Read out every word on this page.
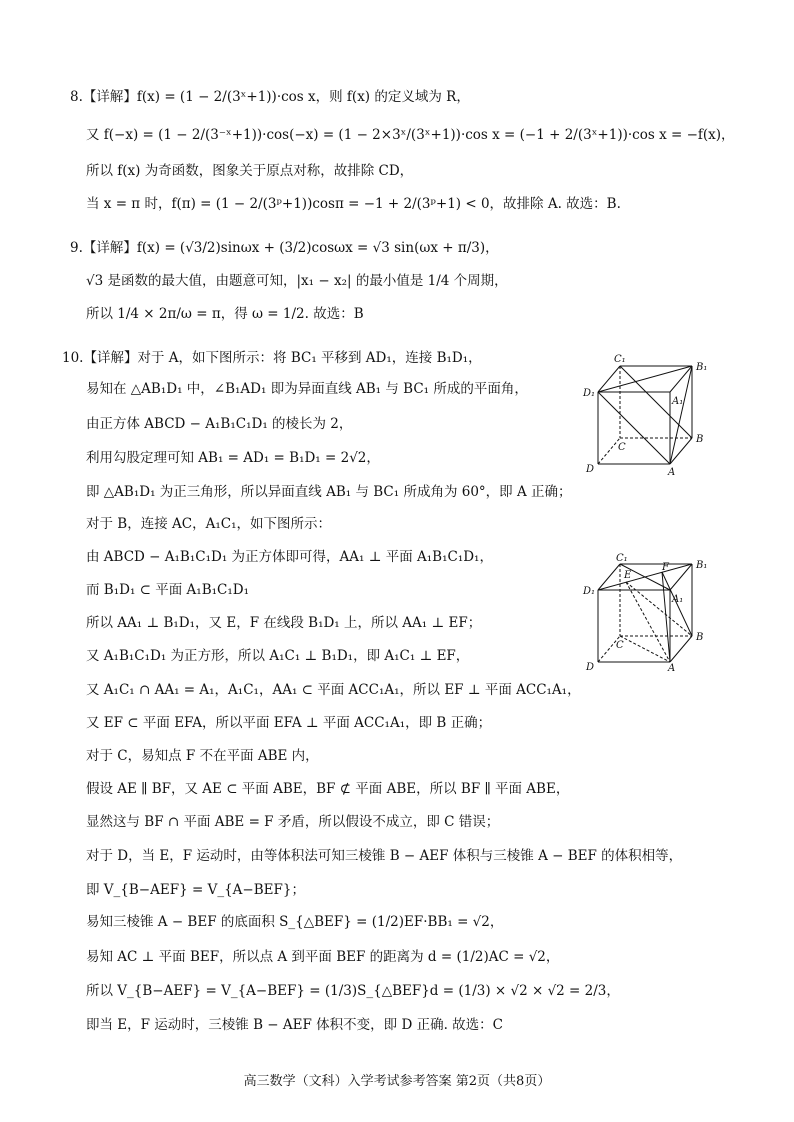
8.【详解】f(x) = (1 − 2/(3ˣ+1))·cos x，则 f(x) 的定义域为 R，
又 f(−x) = (1 − 2/(3⁻ˣ+1))·cos(−x) = (1 − 2×3ˣ/(3ˣ+1))·cos x = (−1 + 2/(3ˣ+1))·cos x = −f(x)，
所以 f(x) 为奇函数，图象关于原点对称，故排除 CD，
当 x = π 时，f(π) = (1 − 2/(3ᵖ+1))cosπ = −1 + 2/(3ᵖ+1) < 0，故排除 A. 故选：B.
9.【详解】f(x) = (√3/2)sinωx + (3/2)cosωx = √3 sin(ωx + π/3)，
√3 是函数的最大值，由题意可知，|x₁ − x₂| 的最小值是 1/4 个周期，
所以 1/4 × 2π/ω = π，得 ω = 1/2. 故选：B
10.【详解】对于 A，如下图所示：将 BC₁ 平移到 AD₁，连接 B₁D₁，
易知在 △AB₁D₁ 中，∠B₁AD₁ 即为异面直线 AB₁ 与 BC₁ 所成的平面角，
由正方体 ABCD − A₁B₁C₁D₁ 的棱长为 2，
利用勾股定理可知 AB₁ = AD₁ = B₁D₁ = 2√2，
即 △AB₁D₁ 为正三角形，所以异面直线 AB₁ 与 BC₁ 所成角为 60°，即 A 正确；
对于 B，连接 AC，A₁C₁，如下图所示：
由 ABCD − A₁B₁C₁D₁ 为正方体即可得，AA₁ ⊥ 平面 A₁B₁C₁D₁，
而 B₁D₁ ⊂ 平面 A₁B₁C₁D₁
所以 AA₁ ⊥ B₁D₁，又 E，F 在线段 B₁D₁ 上，所以 AA₁ ⊥ EF；
又 A₁B₁C₁D₁ 为正方形，所以 A₁C₁ ⊥ B₁D₁，即 A₁C₁ ⊥ EF，
又 A₁C₁ ∩ AA₁ = A₁，A₁C₁，AA₁ ⊂ 平面 ACC₁A₁，所以 EF ⊥ 平面 ACC₁A₁，
又 EF ⊂ 平面 EFA，所以平面 EFA ⊥ 平面 ACC₁A₁，即 B 正确；
对于 C，易知点 F 不在平面 ABE 内，
假设 AE ∥ BF，又 AE ⊂ 平面 ABE，BF ⊄ 平面 ABE，所以 BF ∥ 平面 ABE，
显然这与 BF ∩ 平面 ABE = F 矛盾，所以假设不成立，即 C 错误；
对于 D，当 E，F 运动时，由等体积法可知三棱锥 B − AEF 体积与三棱锥 A − BEF 的体积相等，
即 V_{B−AEF} = V_{A−BEF}；
易知三棱锥 A − BEF 的底面积 S_{△BEF} = (1/2)EF·BB₁ = √2，
易知 AC ⊥ 平面 BEF，所以点 A 到平面 BEF 的距离为 d = (1/2)AC = √2，
所以 V_{B−AEF} = V_{A−BEF} = (1/3)S_{△BEF}d = (1/3) × √2 × √2 = 2/3，
即当 E，F 运动时，三棱锥 B − AEF 体积不变，即 D 正确. 故选：C
C₁
B₁
D₁
A₁
C
B
D	A
C₁
E
F	B₁
D₁
A₁
C
B
D	A
高三数学（文科）入学考试参考答案 第2页（共8页）
